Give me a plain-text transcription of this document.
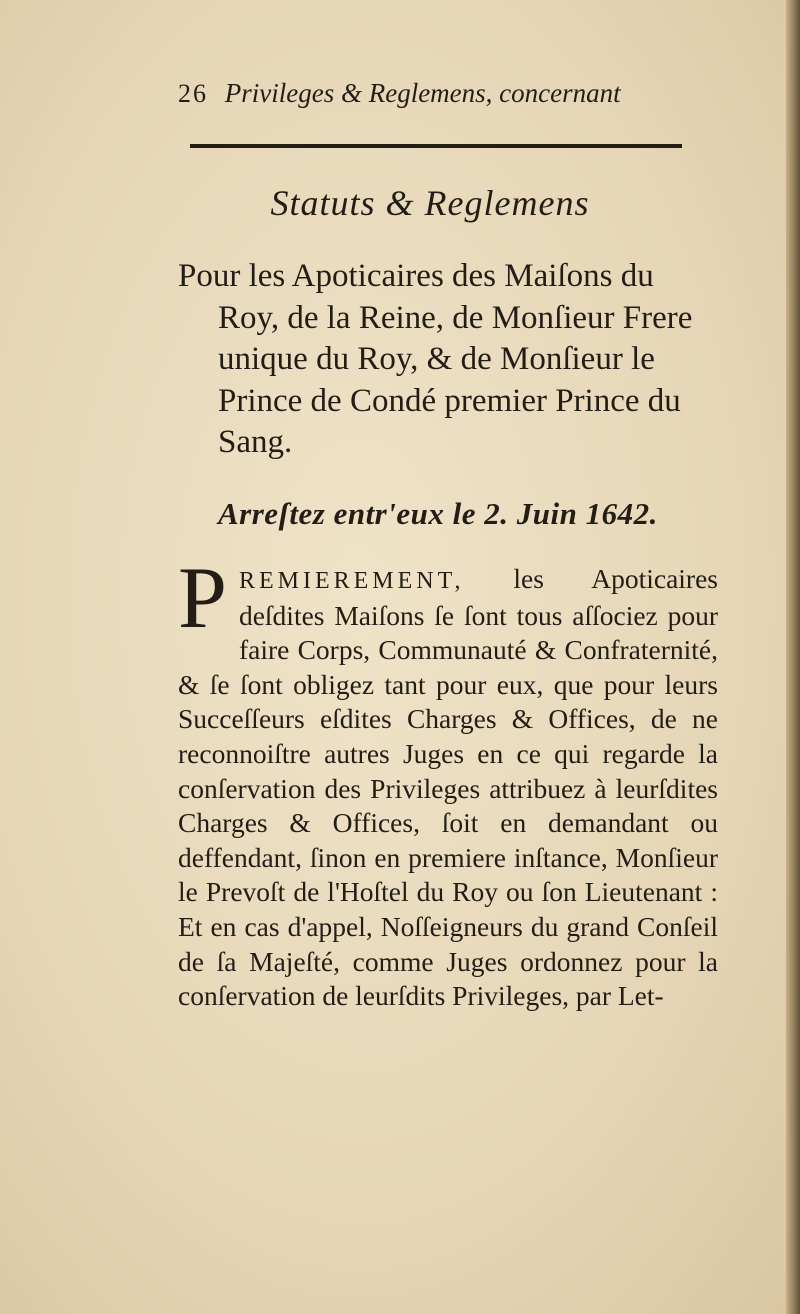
26 Privileges & Reglemens, concernant
Statuts & Reglemens
Pour les Apoticaires des Maiſons du
Roy, de la Reine, de Monſieur Frere unique du Roy, & de Monſieur le Prince de Condé premier Prince du Sang.
Arreſtez entr'eux le 2. Juin 1642.
P REMIEREMENT, les Apoticaires deſdites Maiſons ſe ſont tous aſſociez pour faire Corps, Communauté & Confraternité, & ſe ſont obligez tant pour eux, que pour leurs Succeſſeurs eſdites Charges & Offices, de ne reconnoiſtre autres Juges en ce qui regarde la conſervation des Privileges attribuez à leurſdites Charges & Offices, ſoit en demandant ou deffendant, ſinon en premiere inſtance, Monſieur le Prevoſt de l'Hoſtel du Roy ou ſon Lieutenant : Et en cas d'appel, Noſſeigneurs du grand Conſeil de ſa Majeſté, comme Juges ordonnez pour la conſervation de leurſdits Privileges, par Let-
